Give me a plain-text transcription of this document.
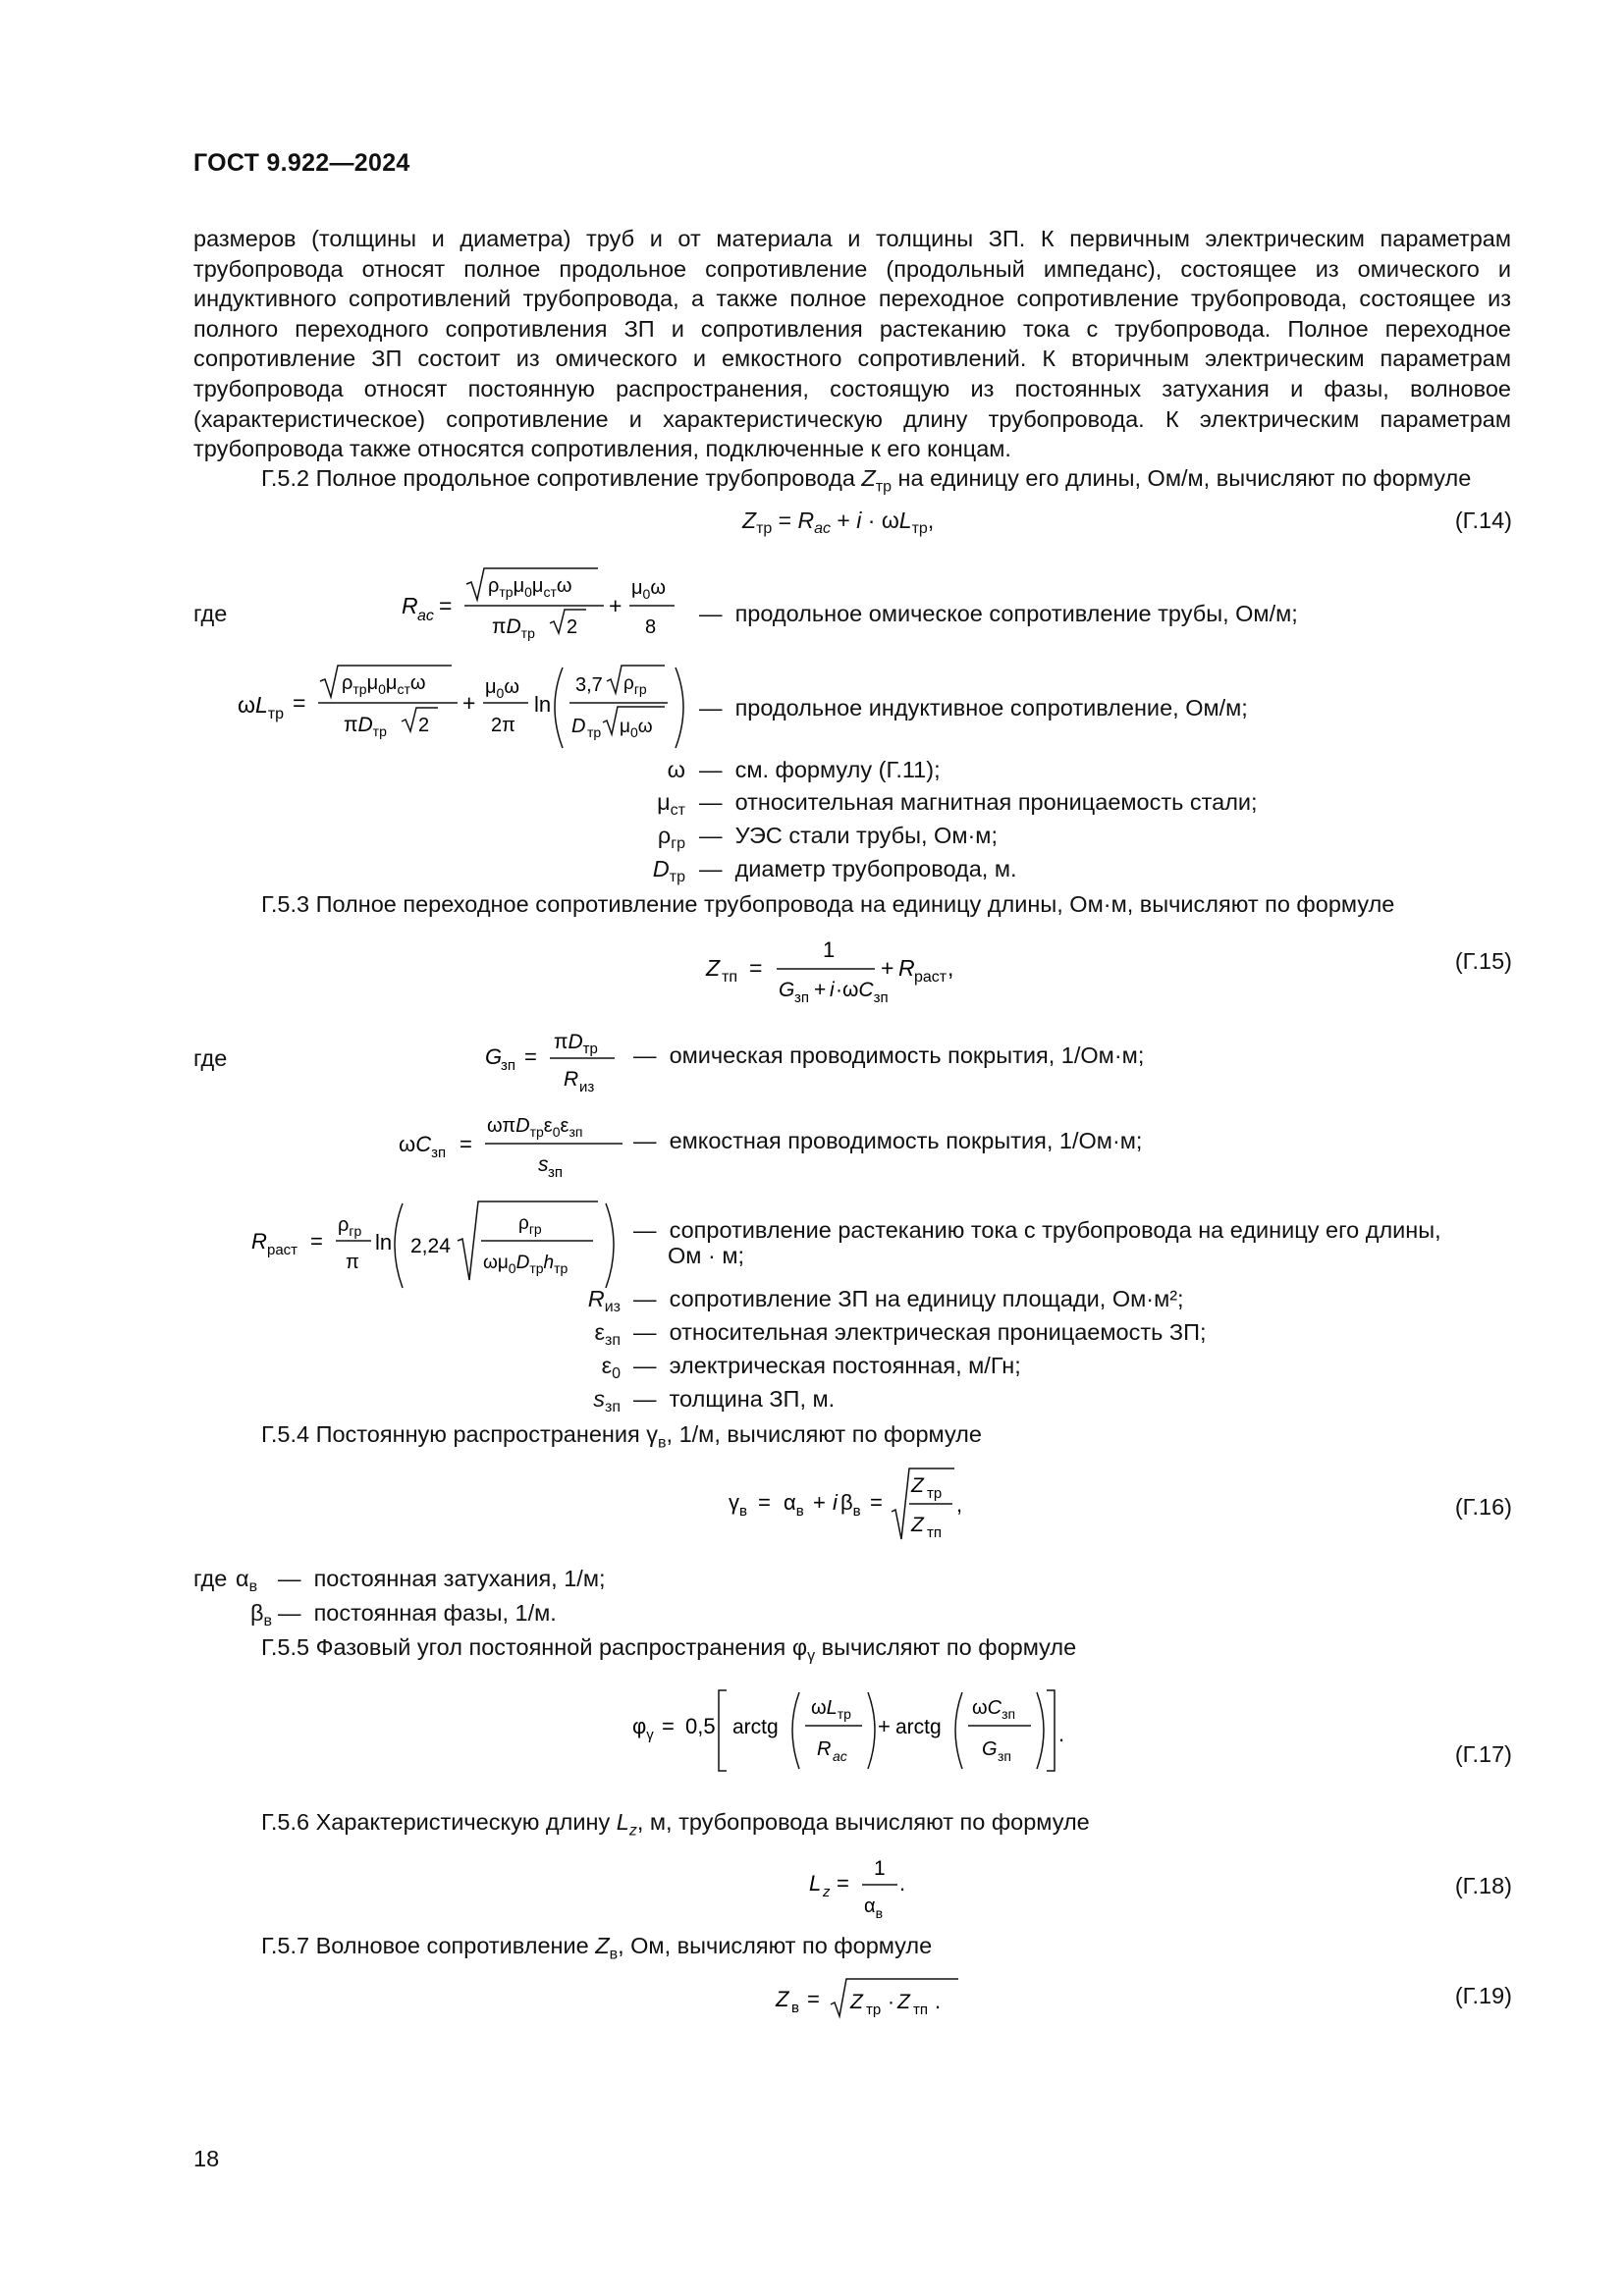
ГОСТ 9.922—2024
размеров (толщины и диаметра) труб и от материала и толщины ЗП. К первичным электрическим параметрам трубопровода относят полное продольное сопротивление (продольный импеданс), состоящее из омического и индуктивного сопротивлений трубопровода, а также полное переходное сопротивление трубопровода, состоящее из полного переходного сопротивления ЗП и сопротивления растеканию тока с трубопровода. Полное переходное сопротивление ЗП состоит из омического и емкостного сопротивлений. К вторичным электрическим параметрам трубопровода относят постоянную распространения, состоящую из постоянных затухания и фазы, волновое (характеристическое) сопротивление и характеристическую длину трубопровода. К электрическим параметрам трубопровода также относятся сопротивления, подключенные к его концам.
Г.5.2 Полное продольное сопротивление трубопровода $Z_{тр}$ на единицу его длины, Ом/м, вычисляют по формуле
$Z_{тр} = R_{ac} + i \cdot \omega L_{тр}$,	(Г.14)
где	R ac =
$\rho_{тр}\mu_0\mu_{ст}\omega$
$\pi D_{тр}$ 2
+
$\mu_0\omega$
8
— продольное омическое сопротивление трубы, Ом/м;
$\omega L_{тр}$ =
$\rho_{тр}\mu_0\mu_{ст}\omega$
$\pi D_{тр}$ 2
+
$\mu_0\omega$
2π
ln
3,7 $\rho_{гр}$
D тр $\mu_0\omega$
— продольное индуктивное сопротивление, Ом/м;
ω — см. формулу (Г.11);
$\mu_{ст}$ — относительная магнитная проницаемость стали;
$\rho_{гр}$ — УЭС стали трубы, Ом·м;
$D_{тр}$ — диаметр трубопровода, м.
Г.5.3 Полное переходное сопротивление трубопровода на единицу длины, Ом·м, вычисляют по формуле
Z тп =
1
G зп + $i \cdot\omega C_{зп}$
+ R раст ,	(Г.15)
где	G
зп =
$\pi D_{тр}$
R из
— омическая проводимость покрытия, 1/Ом·м;
$\omega C_{зп}$ =
$\omega\pi D_{тр}\varepsilon_0\varepsilon_{зп}$
s зп
— емкостная проводимость покрытия, 1/Ом·м;
R раст =
$\rho_{гр}$
π
ln 2,24
$\rho_{гр}$
$\omega\mu_0D_{тр}h_{тр}$
— сопротивление растеканию тока с трубопровода на единицу его длины,
Ом · м;
$R_{из}$ — сопротивление ЗП на единицу площади, Ом·м²;
$\varepsilon_{зп}$ — относительная электрическая проницаемость ЗП;
$\varepsilon_0$ — электрическая постоянная, м/Гн;
$s_{зп}$ — толщина ЗП, м.
Г.5.4 Постоянную распространения $\gamma_в$, 1/м, вычисляют по формуле
$\gamma_в = \alpha_в + i$ $\beta_в$ =
Z тр
Z тп
,	(Г.16)
где $\alpha_в$ — постоянная затухания, 1/м;
$\beta_в$ — постоянная фазы, 1/м.
Г.5.5 Фазовый угол постоянной распространения $\varphi_\gamma$ вычисляют по формуле
$\varphi_\gamma = 0,5$ arctg
$\omega L_{тр}$
R ac
+ arctg
$\omega C_{зп}$
G зп
.
(Г.17)
Г.5.6 Характеристическую длину $L_z$, м, трубопровода вычисляют по формуле
L z =
1
$\alpha_в$
.	(Г.18)
Г.5.7 Волновое сопротивление $Z_в$, Ом, вычисляют по формуле
Z в = Z тр · Z тп .	(Г.19)
18
